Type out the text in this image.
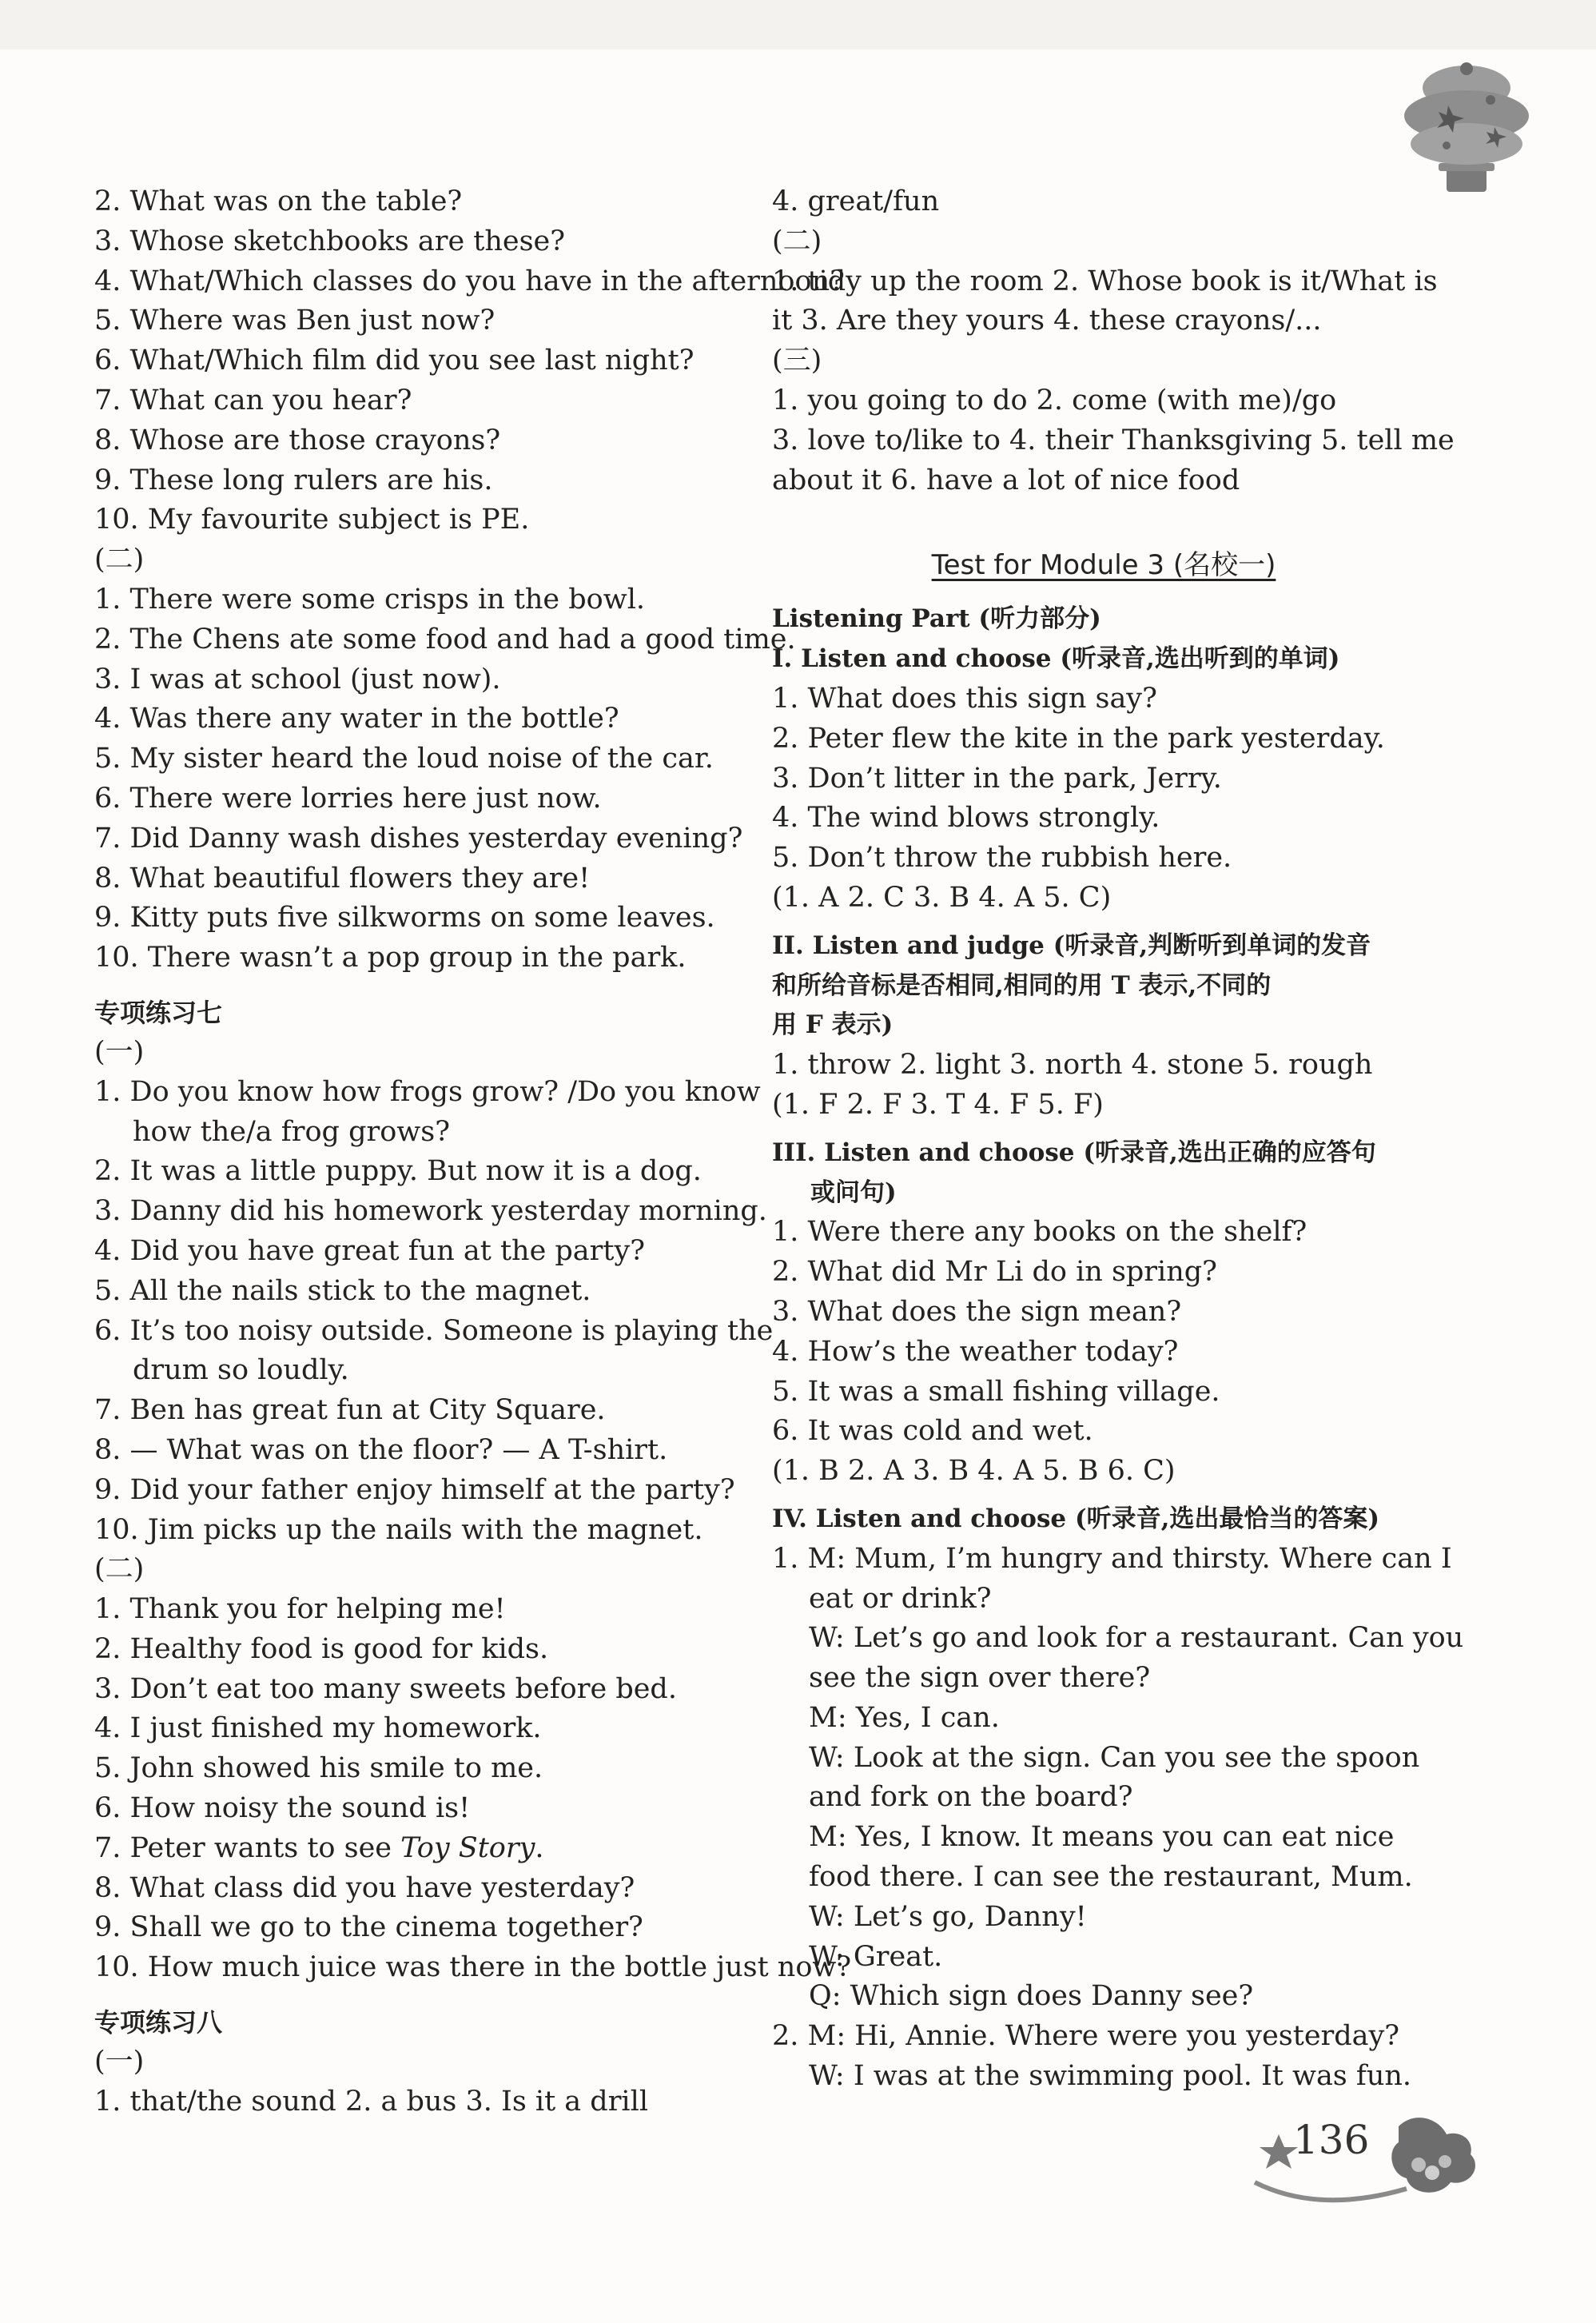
2. What was on the table?
3. Whose sketchbooks are these?
4. What/Which classes do you have in the afternoon?
5. Where was Ben just now?
6. What/Which film did you see last night?
7. What can you hear?
8. Whose are those crayons?
9. These long rulers are his.
10. My favourite subject is PE.
(二)
1. There were some crisps in the bowl.
2. The Chens ate some food and had a good time.
3. I was at school (just now).
4. Was there any water in the bottle?
5. My sister heard the loud noise of the car.
6. There were lorries here just now.
7. Did Danny wash dishes yesterday evening?
8. What beautiful flowers they are!
9. Kitty puts five silkworms on some leaves.
10. There wasn’t a pop group in the park.
专项练习七
(一)
1. Do you know how frogs grow? /Do you know
how the/a frog grows?
2. It was a little puppy. But now it is a dog.
3. Danny did his homework yesterday morning.
4. Did you have great fun at the party?
5. All the nails stick to the magnet.
6. It’s too noisy outside. Someone is playing the
drum so loudly.
7. Ben has great fun at City Square.
8. — What was on the floor? — A T-shirt.
9. Did your father enjoy himself at the party?
10. Jim picks up the nails with the magnet.
(二)
1. Thank you for helping me!
2. Healthy food is good for kids.
3. Don’t eat too many sweets before bed.
4. I just finished my homework.
5. John showed his smile to me.
6. How noisy the sound is!
7. Peter wants to see Toy Story.
8. What class did you have yesterday?
9. Shall we go to the cinema together?
10. How much juice was there in the bottle just now?
专项练习八
(一)
1. that/the sound 2. a bus 3. Is it a drill
4. great/fun
(二)
1. tidy up the room 2. Whose book is it/What is
it 3. Are they yours 4. these crayons/...
(三)
1. you going to do 2. come (with me)/go
3. love to/like to 4. their Thanksgiving 5. tell me
about it 6. have a lot of nice food
Test for Module 3 (名校一)
Listening Part (听力部分)
I. Listen and choose (听录音,选出听到的单词)
1. What does this sign say?
2. Peter flew the kite in the park yesterday.
3. Don’t litter in the park, Jerry.
4. The wind blows strongly.
5. Don’t throw the rubbish here.
(1. A 2. C 3. B 4. A 5. C)
II. Listen and judge (听录音,判断听到单词的发音
和所给音标是否相同,相同的用 T 表示,不同的
用 F 表示)
1. throw 2. light 3. north 4. stone 5. rough
(1. F 2. F 3. T 4. F 5. F)
III. Listen and choose (听录音,选出正确的应答句
或问句)
1. Were there any books on the shelf?
2. What did Mr Li do in spring?
3. What does the sign mean?
4. How’s the weather today?
5. It was a small fishing village.
6. It was cold and wet.
(1. B 2. A 3. B 4. A 5. B 6. C)
IV. Listen and choose (听录音,选出最恰当的答案)
1. M: Mum, I’m hungry and thirsty. Where can I
eat or drink?
W: Let’s go and look for a restaurant. Can you
see the sign over there?
M: Yes, I can.
W: Look at the sign. Can you see the spoon
and fork on the board?
M: Yes, I know. It means you can eat nice
food there. I can see the restaurant, Mum.
W: Let’s go, Danny!
W: Great.
Q: Which sign does Danny see?
2. M: Hi, Annie. Where were you yesterday?
W: I was at the swimming pool. It was fun.
136
